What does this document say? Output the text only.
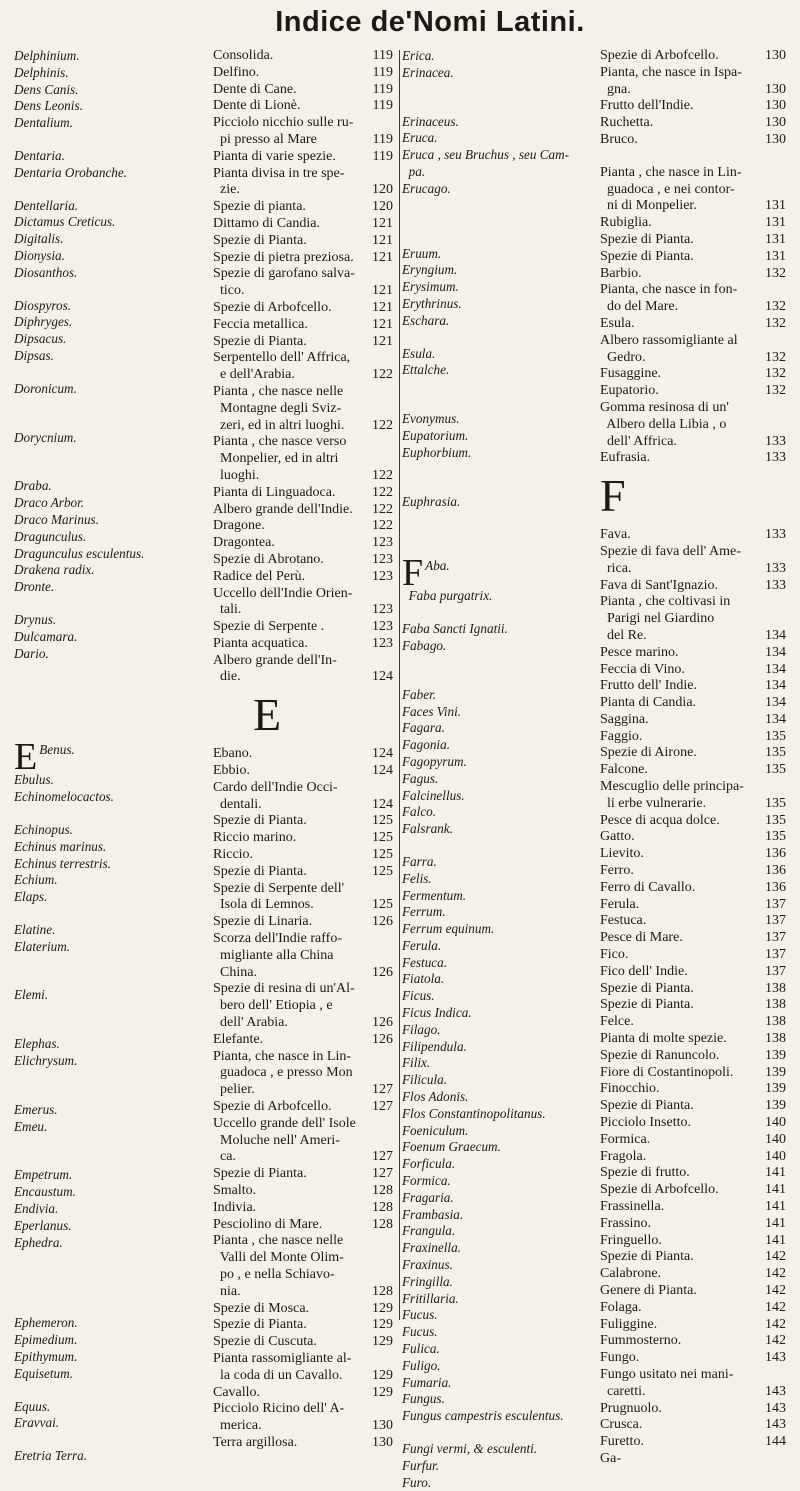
Indice de'Nomi Latini.
Delphinium.
Delphinis.
Dens Canis.
Dens Leonis.
Dentalium.
Dentaria.
Dentaria Orobanche.
Dentellaria.
Dictamus Creticus.
Digitalis.
Dionysia.
Diosanthos.
Diospyros.
Diphryges.
Dipsacus.
Dipsas.
Doronicum.
Dorycnium.
Draba.
Draco Arbor.
Draco Marinus.
Dragunculus.
Dragunculus esculentus.
Drakena radix.
Dronte.
Drynus.
Dulcamara.
Dario.
E Benus.
Ebulus.
Echinomelocactos.
Echinopus.
Echinus marinus.
Echinus terrestris.
Echium.
Elaps.
Elatine.
Elaterium.
Elemi.
Elephas.
Elichrysum.
Emerus.
Emeu.
Empetrum.
Encaustum.
Endivia.
Eperlanus.
Ephedra.
Ephemeron.
Epimedium.
Epithymum.
Equisetum.
Equus.
Eravvai.
Eretria Terra.
Consolida.	119
Delfino.	119
Dente di Cane.	119
Dente di Lionè.	119
Picciolo nicchio sulle ru-
pi presso al Mare	119
Pianta di varie spezie.	119
Pianta divisa in tre spe-
zie.	120
Spezie di pianta.	120
Dittamo di Candia.	121
Spezie di Pianta.	121
Spezie di pietra preziosa. 121
Spezie di garofano salva-
tico.	121
Spezie di Arbofcello.	121
Feccia metallica.	121
Spezie di Pianta.	121
Serpentello dell' Affrica,
e dell'Arabia.	122
Pianta , che nasce nelle
Montagne degli Sviz-
zeri, ed in altri luoghi. 122
Pianta , che nasce verso
Monpelier, ed in altri
luoghi.	122
Pianta di Linguadoca.	122
Albero grande dell'Indie. 122
Dragone.	122
Dragontea.	123
Spezie di Abrotano.	123
Radice del Perù.	123
Uccello dell'Indie Orien-
tali.	123
Spezie di Serpente .	123
Pianta acquatica.	123
Albero grande dell'In-
die.	124
E
Ebano.	124
Ebbio.	124
Cardo dell'Indie Occi-
dentali.	124
Spezie di Pianta.	125
Riccio marino.	125
Riccio.	125
Spezie di Pianta.	125
Spezie di Serpente dell'
Isola di Lemnos.	125
Spezie di Linaria.	126
Scorza dell'Indie raffo-
migliante alla China
China.	126
Spezie di resina di un'Al-
bero dell' Etiopia , e
dell' Arabia.	126
Elefante.	126
Pianta, che nasce in Lin-
guadoca , e presso Mon
pelier.	127
Spezie di Arbofcello.	127
Uccello grande dell' Isole
Moluche nell' Ameri-
ca.	127
Spezie di Pianta.	127
Smalto.	128
Indivia.	128
Pesciolino di Mare.	128
Pianta , che nasce nelle
Valli del Monte Olim-
po , e nella Schiavo-
nia.	128
Spezie di Mosca.	129
Spezie di Pianta.	129
Spezie di Cuscuta.	129
Pianta rassomigliante al-
la coda di un Cavallo. 129
Cavallo.	129
Picciolo Ricino dell' A-
merica.	130
Terra argillosa.	130
Erica.
Erinacea.
Erinaceus.
Eruca.
Eruca , seu Bruchus , seu Cam-
pa.
Erucago.
Eruum.
Eryngium.
Erysimum.
Erythrinus.
Eschara.
Esula.
Ettalche.
Evonymus.
Eupatorium.
Euphorbium.
Euphrasia.
F Aba.
Faba purgatrix.
Faba Sancti Ignatii.
Fabago.
Faber.
Faces Vini.
Fagara.
Fagonia.
Fagopyrum.
Fagus.
Falcinellus.
Falco.
Falsrank.
Farra.
Felis.
Fermentum.
Ferrum.
Ferrum equinum.
Ferula.
Festuca.
Fiatola.
Ficus.
Ficus Indica.
Filago.
Filipendula.
Filix.
Filicula.
Flos Adonis.
Flos Constantinopolitanus.
Foeniculum.
Foenum Graecum.
Forficula.
Formica.
Fragaria.
Frambasia.
Frangula.
Fraxinella.
Fraxinus.
Fringilla.
Fritillaria.
Fucus.
Fucus.
Fulica.
Fuligo.
Fumaria.
Fungus.
Fungus campestris esculentus.
Fungi vermi, & esculenti.
Furfur.
Furo.
Spezie di Arbofcello.	130
Pianta, che nasce in Ispa-
gna.	130
Frutto dell'Indie.	130
Ruchetta.	130
Bruco.	130
Pianta , che nasce in Lin-
guadoca , e nei contor-
ni di Monpelier.	131
Rubiglia.	131
Spezie di Pianta.	131
Spezie di Pianta.	131
Barbio.	132
Pianta, che nasce in fon-
do del Mare.	132
Esula.	132
Albero rassomigliante al
Gedro.	132
Fusaggine.	132
Eupatorio.	132
Gomma resinosa di un'
Albero della Libia , o
dell' Affrica.	133
Eufrasia.	133
F
Fava.	133
Spezie di fava dell' Ame-
rica.	133
Fava di Sant'Ignazio.	133
Pianta , che coltivasi in
Parigi nel Giardino
del Re.	134
Pesce marino.	134
Feccia di Vino.	134
Frutto dell' Indie.	134
Pianta di Candia.	134
Saggina.	134
Faggio.	135
Spezie di Airone.	135
Falcone.	135
Mescuglio delle principa-
li erbe vulnerarie.	135
Pesce di acqua dolce.	135
Gatto.	135
Lievito.	136
Ferro.	136
Ferro di Cavallo.	136
Ferula.	137
Festuca.	137
Pesce di Mare.	137
Fico.	137
Fico dell' Indie.	137
Spezie di Pianta.	138
Spezie di Pianta.	138
Felce.	138
Pianta di molte spezie.	138
Spezie di Ranuncolo.	139
Fiore di Costantinopoli. 139
Finocchio.	139
Spezie di Pianta.	139
Picciolo Insetto.	140
Formica.	140
Fragola.	140
Spezie di frutto.	141
Spezie di Arbofcello.	141
Frassinella.	141
Frassino.	141
Fringuello.	141
Spezie di Pianta.	142
Calabrone.	142
Genere di Pianta.	142
Folaga.	142
Fuliggine.	142
Fummosterno.	142
Fungo.	143
Fungo usitato nei mani-
caretti.	143
Prugnuolo.	143
Crusca.	143
Furetto.	144
Ga-
